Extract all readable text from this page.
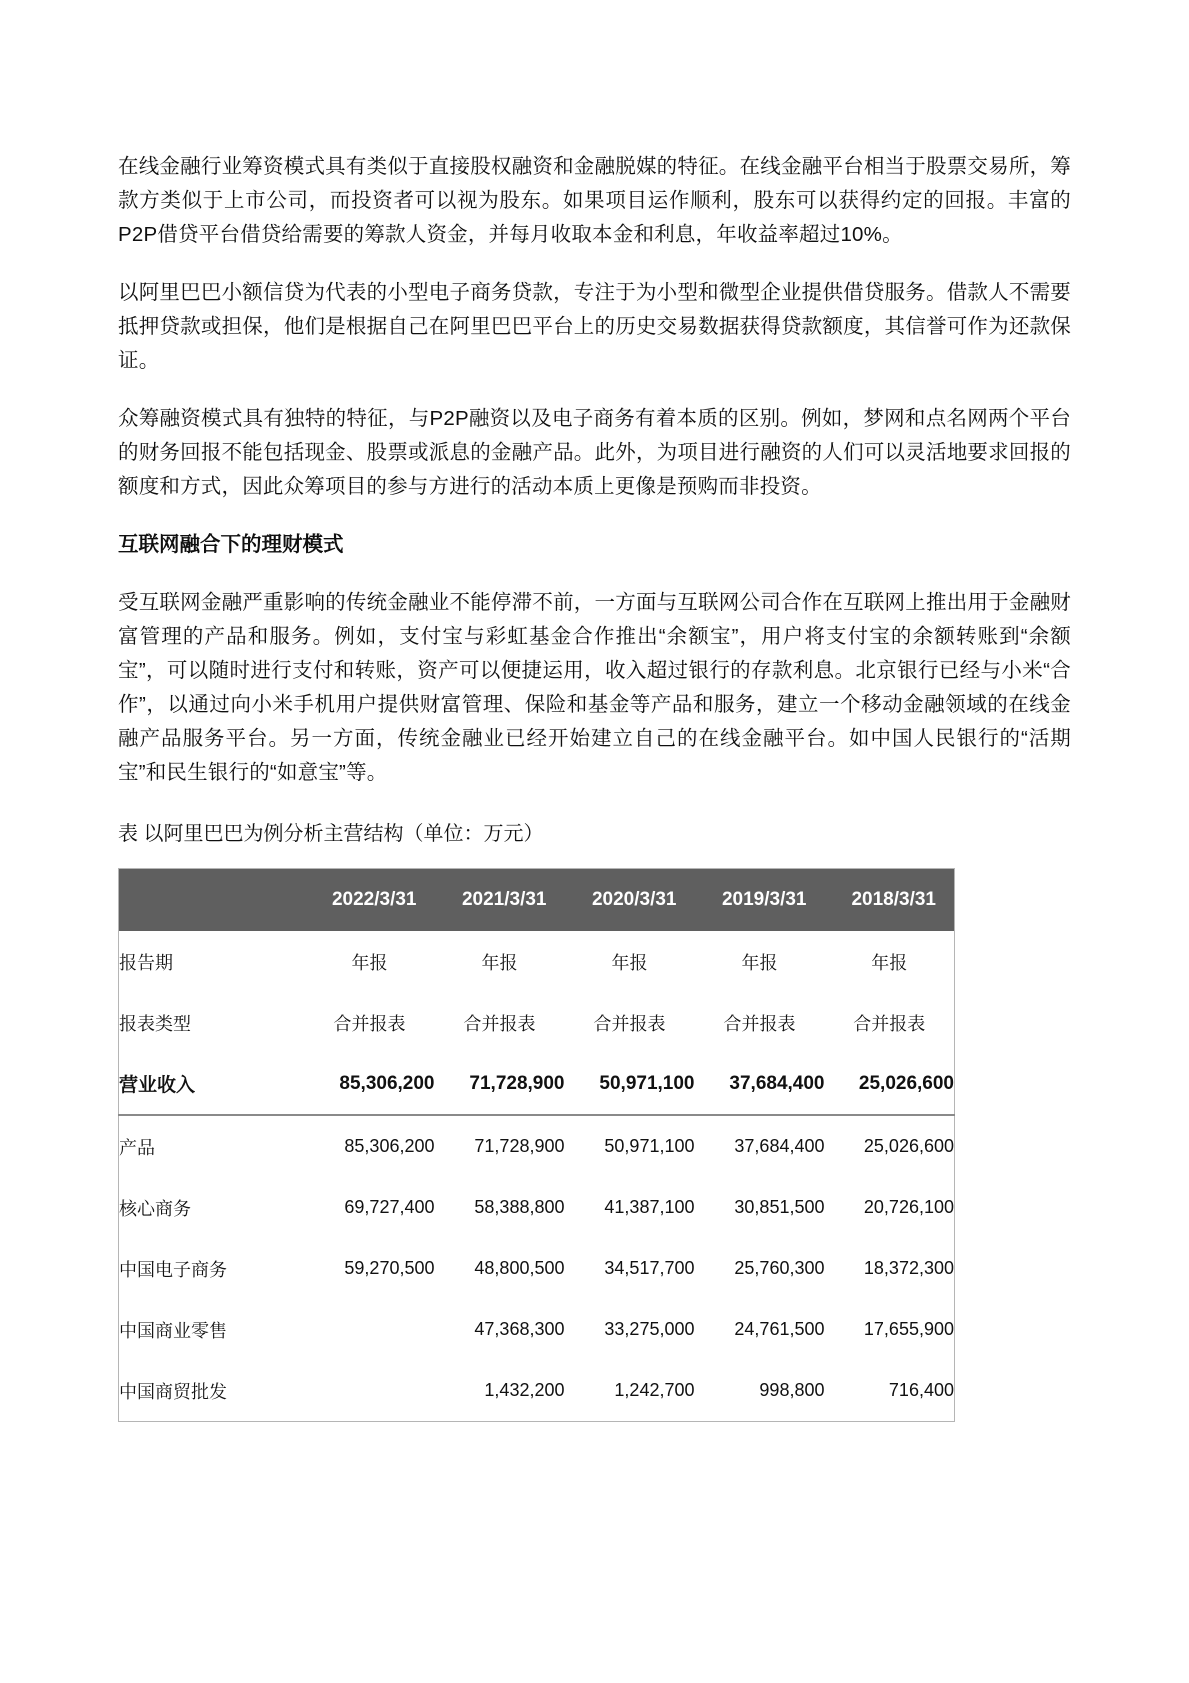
在线金融行业筹资模式具有类似于直接股权融资和金融脱媒的特征。在线金融平台相当于股票交易所，筹款方类似于上市公司，而投资者可以视为股东。如果项目运作顺利，股东可以获得约定的回报。丰富的P2P借贷平台借贷给需要的筹款人资金，并每月收取本金和利息，年收益率超过10%。

以阿里巴巴小额信贷为代表的小型电子商务贷款，专注于为小型和微型企业提供借贷服务。借款人不需要抵押贷款或担保，他们是根据自己在阿里巴巴平台上的历史交易数据获得贷款额度，其信誉可作为还款保证。

众筹融资模式具有独特的特征，与P2P融资以及电子商务有着本质的区别。例如，梦网和点名网两个平台的财务回报不能包括现金、股票或派息的金融产品。此外，为项目进行融资的人们可以灵活地要求回报的额度和方式，因此众筹项目的参与方进行的活动本质上更像是预购而非投资。

互联网融合下的理财模式

受互联网金融严重影响的传统金融业不能停滞不前，一方面与互联网公司合作在互联网上推出用于金融财富管理的产品和服务。例如，支付宝与彩虹基金合作推出“余额宝”，用户将支付宝的余额转账到“余额宝”，可以随时进行支付和转账，资产可以便捷运用，收入超过银行的存款利息。北京银行已经与小米“合作”，以通过向小米手机用户提供财富管理、保险和基金等产品和服务，建立一个移动金融领域的在线金融产品服务平台。另一方面，传统金融业已经开始建立自己的在线金融平台。如中国人民银行的“活期宝”和民生银行的“如意宝”等。

表 以阿里巴巴为例分析主营结构（单位：万元）
	2022/3/31	2021/3/31	2020/3/31	2019/3/31	2018/3/31
报告期	年报	年报	年报	年报	年报
报表类型	合并报表	合并报表	合并报表	合并报表	合并报表
营业收入	85,306,200	71,728,900	50,971,100	37,684,400	25,026,600
产品	85,306,200	71,728,900	50,971,100	37,684,400	25,026,600
核心商务	69,727,400	58,388,800	41,387,100	30,851,500	20,726,100
中国电子商务	59,270,500	48,800,500	34,517,700	25,760,300	18,372,300
中国商业零售		47,368,300	33,275,000	24,761,500	17,655,900
中国商贸批发		1,432,200	1,242,700	998,800	716,400
